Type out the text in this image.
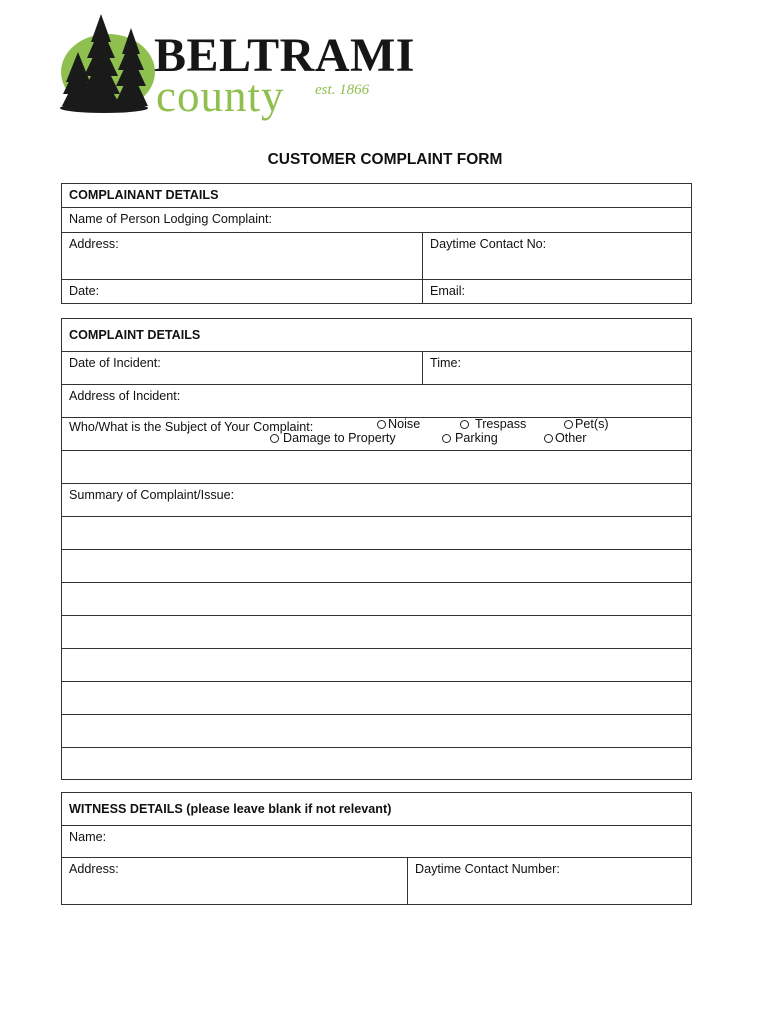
BELTRAMI
county est. 1866
CUSTOMER COMPLAINT FORM
COMPLAINANT DETAILS	

Name of Person Lodging Complaint:	

Address:	Daytime Contact No:

Date:	Email:
COMPLAINT DETAILS

Date of Incident:	Time:

Address of Incident:

Who/What is the Subject of Your Complaint:	Noise	Trespass	Pet(s)
Damage to Property	Parking	Other

Summary of Complaint/Issue:

WITNESS DETAILS (please leave blank if not relevant)

Name:

Address:	Daytime Contact Number:
